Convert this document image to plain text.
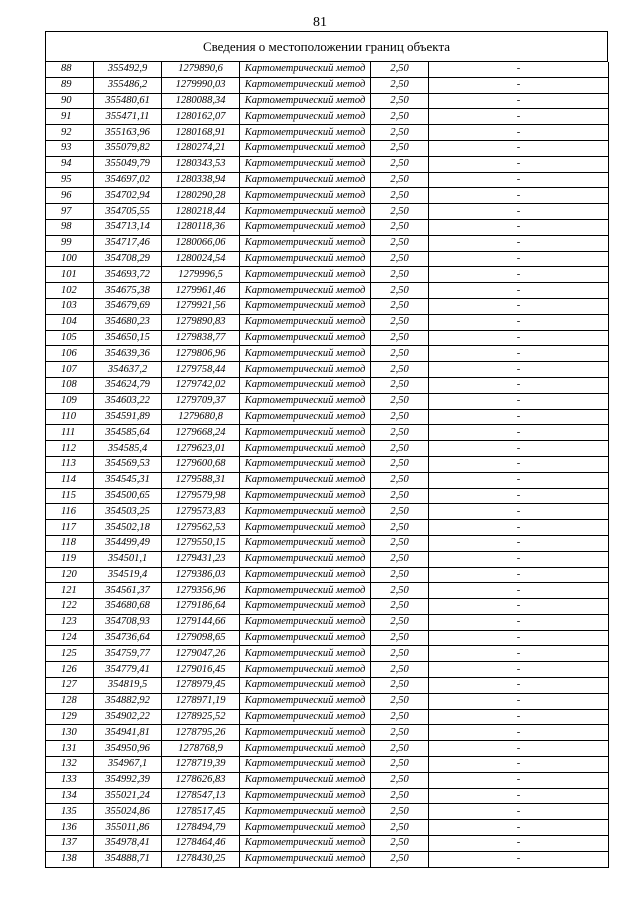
81
Сведения о местоположении границ объекта
88	355492,9	1279890,6	Картометрический метод	2,50	-
89	355486,2	1279990,03	Картометрический метод	2,50	-
90	355480,61	1280088,34	Картометрический метод	2,50	-
91	355471,11	1280162,07	Картометрический метод	2,50	-
92	355163,96	1280168,91	Картометрический метод	2,50	-
93	355079,82	1280274,21	Картометрический метод	2,50	-
94	355049,79	1280343,53	Картометрический метод	2,50	-
95	354697,02	1280338,94	Картометрический метод	2,50	-
96	354702,94	1280290,28	Картометрический метод	2,50	-
97	354705,55	1280218,44	Картометрический метод	2,50	-
98	354713,14	1280118,36	Картометрический метод	2,50	-
99	354717,46	1280066,06	Картометрический метод	2,50	-
100	354708,29	1280024,54	Картометрический метод	2,50	-
101	354693,72	1279996,5	Картометрический метод	2,50	-
102	354675,38	1279961,46	Картометрический метод	2,50	-
103	354679,69	1279921,56	Картометрический метод	2,50	-
104	354680,23	1279890,83	Картометрический метод	2,50	-
105	354650,15	1279838,77	Картометрический метод	2,50	-
106	354639,36	1279806,96	Картометрический метод	2,50	-
107	354637,2	1279758,44	Картометрический метод	2,50	-
108	354624,79	1279742,02	Картометрический метод	2,50	-
109	354603,22	1279709,37	Картометрический метод	2,50	-
110	354591,89	1279680,8	Картометрический метод	2,50	-
111	354585,64	1279668,24	Картометрический метод	2,50	-
112	354585,4	1279623,01	Картометрический метод	2,50	-
113	354569,53	1279600,68	Картометрический метод	2,50	-
114	354545,31	1279588,31	Картометрический метод	2,50	-
115	354500,65	1279579,98	Картометрический метод	2,50	-
116	354503,25	1279573,83	Картометрический метод	2,50	-
117	354502,18	1279562,53	Картометрический метод	2,50	-
118	354499,49	1279550,15	Картометрический метод	2,50	-
119	354501,1	1279431,23	Картометрический метод	2,50	-
120	354519,4	1279386,03	Картометрический метод	2,50	-
121	354561,37	1279356,96	Картометрический метод	2,50	-
122	354680,68	1279186,64	Картометрический метод	2,50	-
123	354708,93	1279144,66	Картометрический метод	2,50	-
124	354736,64	1279098,65	Картометрический метод	2,50	-
125	354759,77	1279047,26	Картометрический метод	2,50	-
126	354779,41	1279016,45	Картометрический метод	2,50	-
127	354819,5	1278979,45	Картометрический метод	2,50	-
128	354882,92	1278971,19	Картометрический метод	2,50	-
129	354902,22	1278925,52	Картометрический метод	2,50	-
130	354941,81	1278795,26	Картометрический метод	2,50	-
131	354950,96	1278768,9	Картометрический метод	2,50	-
132	354967,1	1278719,39	Картометрический метод	2,50	-
133	354992,39	1278626,83	Картометрический метод	2,50	-
134	355021,24	1278547,13	Картометрический метод	2,50	-
135	355024,86	1278517,45	Картометрический метод	2,50	-
136	355011,86	1278494,79	Картометрический метод	2,50	-
137	354978,41	1278464,46	Картометрический метод	2,50	-
138	354888,71	1278430,25	Картометрический метод	2,50	-
